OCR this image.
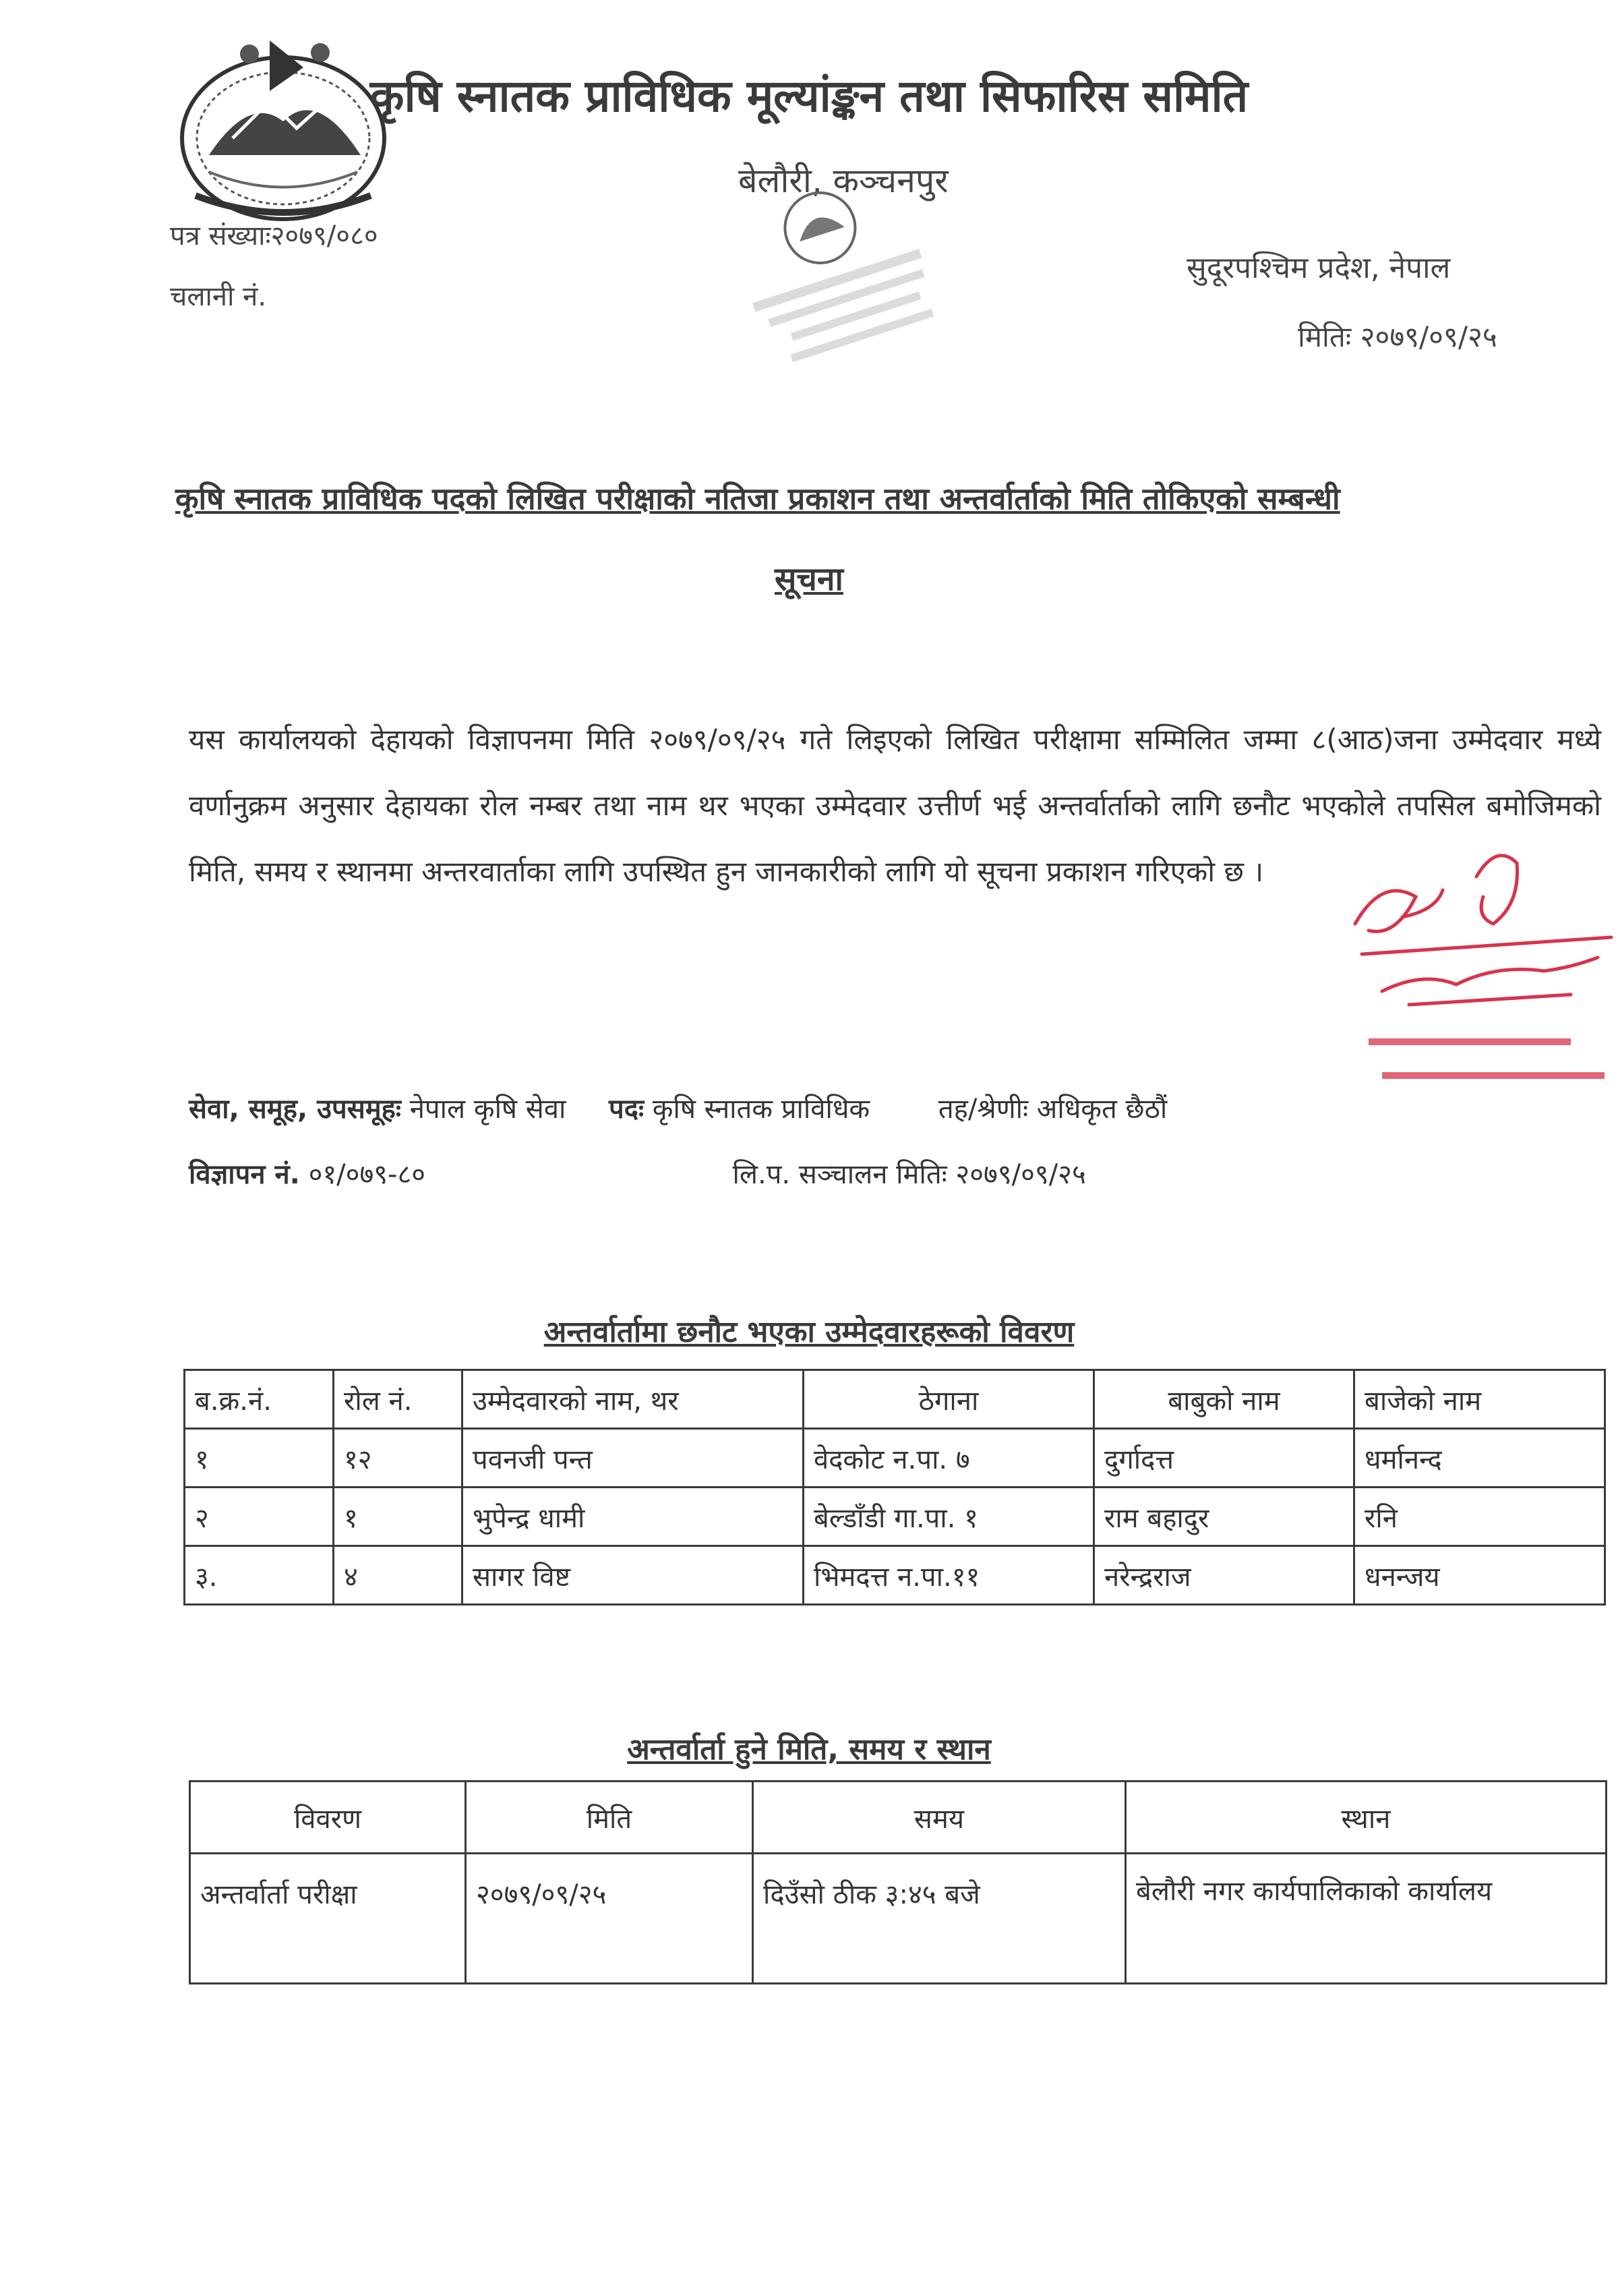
कृषि स्नातक प्राविधिक मूल्यांङ्कन तथा सिफारिस समिति
बेलौरी, कञ्चनपुर
पत्र संख्याः२०७९/०८०
चलानी नं.
सुदूरपश्चिम प्रदेश, नेपाल
मितिः २०७९/०९/२५
कृषि स्नातक प्राविधिक पदको लिखित परीक्षाको नतिजा प्रकाशन तथा अन्तर्वार्ताको मिति तोकिएको सम्बन्धी
सूचना
यस कार्यालयको देहायको विज्ञापनमा मिति २०७९/०९/२५ गते लिइएको लिखित परीक्षामा सम्मिलित जम्मा ८(आठ)जना उम्मेदवार मध्ये वर्णानुक्रम अनुसार देहायका रोल नम्बर तथा नाम थर भएका उम्मेदवार उत्तीर्ण भई अन्तर्वार्ताको लागि छनौट भएकोले तपसिल बमोजिमको मिति, समय र स्थानमा अन्तरवार्ताका लागि उपस्थित हुन जानकारीको लागि यो सूचना प्रकाशन गरिएको छ ।
सेवा, समूह, उपसमूहः नेपाल कृषि सेवा पदः कृषि स्नातक प्राविधिक	तह/श्रेणीः अधिकृत छैठौं
विज्ञापन नं. ०१/०७९-८०	लि.प. सञ्चालन मितिः २०७९/०९/२५
अन्तर्वार्तामा छनौट भएका उम्मेदवारहरूको विवरण
ब.क्र.नं.	रोल नं.	उम्मेदवारको नाम, थर	ठेगाना	बाबुको नाम	बाजेको नाम
१	१२	पवनजी पन्त	वेदकोट न.पा. ७	दुर्गादत्त	धर्मानन्द
२	१	भुपेन्द्र धामी	बेल्डाँडी गा.पा. १	राम बहादुर	रनि
३.	४	सागर विष्ट	भिमदत्त न.पा.११	नरेन्द्रराज	धनन्जय
अन्तर्वार्ता हुने मिति, समय र स्थान
विवरण	मिति	समय	स्थान
अन्तर्वार्ता परीक्षा	२०७९/०९/२५	दिउँसो ठीक ३:४५ बजे	बेलौरी नगर कार्यपालिकाको कार्यालय
